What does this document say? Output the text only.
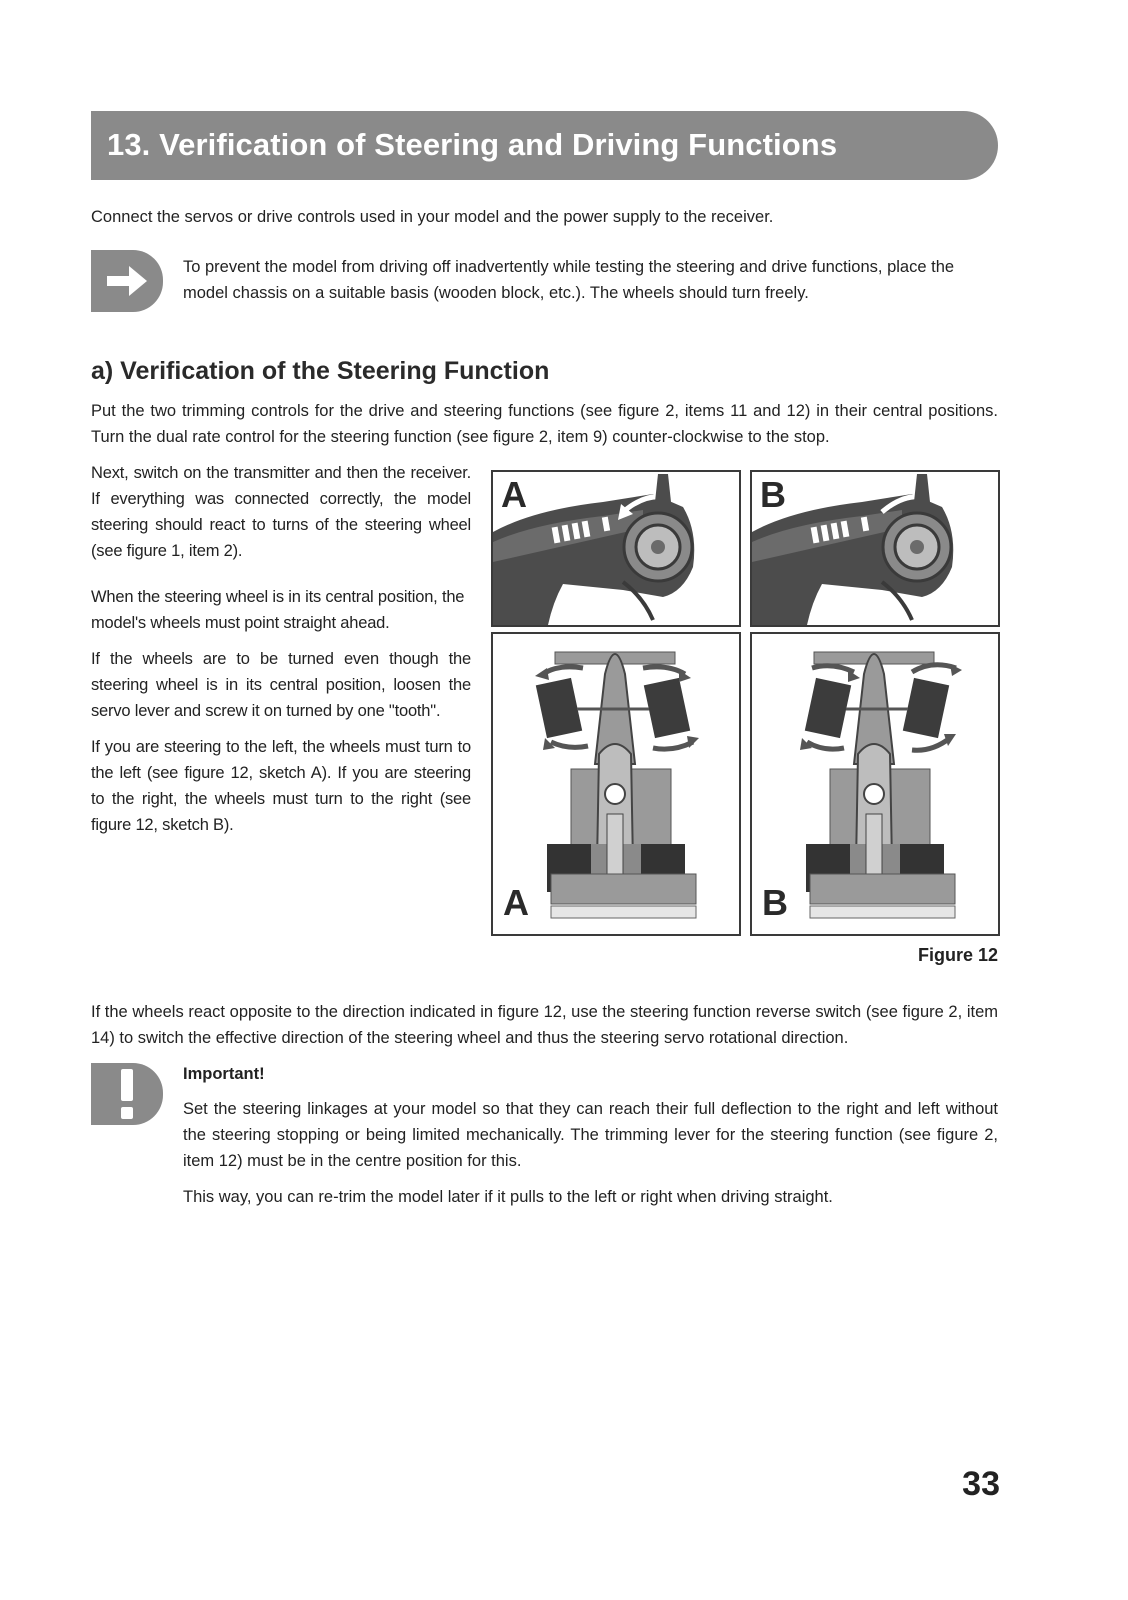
13. Verification of Steering and Driving Functions
Connect the servos or drive controls used in your model and the power supply to the receiver.
To prevent the model from driving off inadvertently while testing the steering and drive functions, place the model chassis on a suitable basis (wooden block, etc.). The wheels should turn freely.
a) Verification of the Steering Function
Put the two trimming controls for the drive and steering functions (see figure 2, items 11 and 12) in their central positions. Turn the dual rate control for the steering function (see figure 2, item 9) counter-clockwise to the stop.
Next, switch on the transmitter and then the receiver. If everything was connected correctly, the model steering should react to turns of the steering wheel (see figure 1, item 2).
When the steering wheel is in its central position, the model's wheels must point straight ahead.
If the wheels are to be turned even though the steering wheel is in its central position, loosen the servo lever and screw it on turned by one "tooth".
If you are steering to the left, the wheels must turn to the left (see figure 12, sketch A). If you are steering to the right, the wheels must turn to the right (see figure 12, sketch B).
A	B
A	B
Figure 12
If the wheels react opposite to the direction indicated in figure 12, use the steering function reverse switch (see figure 2, item 14) to switch the effective direction of the steering wheel and thus the steering servo rotational direction.
Important!
Set the steering linkages at your model so that they can reach their full deflection to the right and left without the steering stopping or being limited mechanically. The trimming lever for the steering function (see figure 2, item 12) must be in the centre position for this.
This way, you can re-trim the model later if it pulls to the left or right when driving straight.
33
